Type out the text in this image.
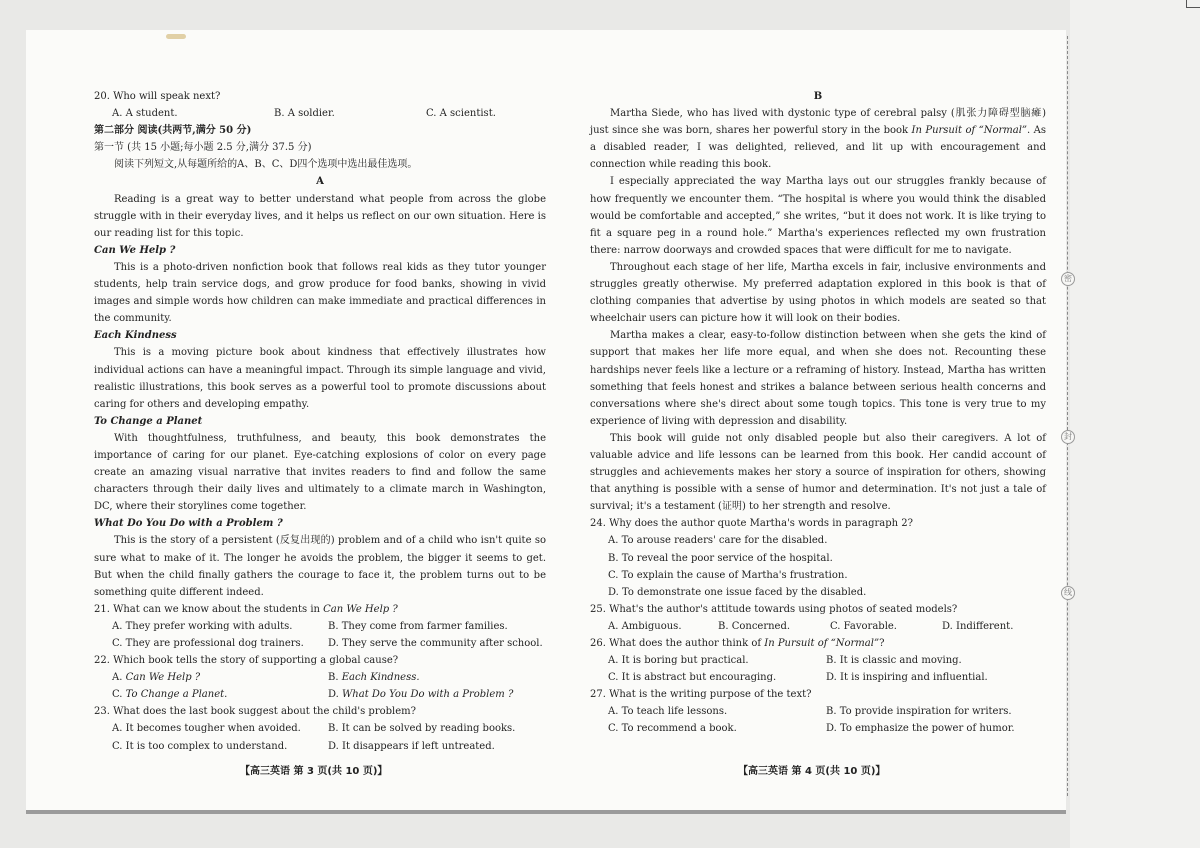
密
封
线

20. Who will speak next?

A. A student.	B. A soldier.	C. A scientist.

第二部分 阅读(共两节,满分 50 分)

第一节 (共 15 小题;每小题 2.5 分,满分 37.5 分)

阅读下列短文,从每题所给的A、B、C、D四个选项中选出最佳选项。

A

Reading is a great way to better understand what people from across the globe struggle with in their everyday lives, and it helps us reflect on our own situation. Here is our reading list for this topic.

Can We Help ?

This is a photo-driven nonfiction book that follows real kids as they tutor younger students, help train service dogs, and grow produce for food banks, showing in vivid images and simple words how children can make immediate and practical differences in the community.

Each Kindness

This is a moving picture book about kindness that effectively illustrates how individual actions can have a meaningful impact. Through its simple language and vivid, realistic illustrations, this book serves as a powerful tool to promote discussions about caring for others and developing empathy.

To Change a Planet

With thoughtfulness, truthfulness, and beauty, this book demonstrates the importance of caring for our planet. Eye-catching explosions of color on every page create an amazing visual narrative that invites readers to find and follow the same characters through their daily lives and ultimately to a climate march in Washington, DC, where their storylines come together.

What Do You Do with a Problem ?

This is the story of a persistent (反复出现的) problem and of a child who isn't quite so sure what to make of it. The longer he avoids the problem, the bigger it seems to get. But when the child finally gathers the courage to face it, the problem turns out to be something quite different indeed.

21. What can we know about the students in Can We Help ?

A. They prefer working with adults.	B. They come from farmer families.
C. They are professional dog trainers.	D. They serve the community after school.

22. Which book tells the story of supporting a global cause?

A. Can We Help ?	B. Each Kindness.
C. To Change a Planet.	D. What Do You Do with a Problem ?

23. What does the last book suggest about the child's problem?

A. It becomes tougher when avoided.	B. It can be solved by reading books.
C. It is too complex to understand.	D. It disappears if left untreated.

B

Martha Siede, who has lived with dystonic type of cerebral palsy (肌张力障碍型脑瘫) just since she was born, shares her powerful story in the book In Pursuit of “Normal”. As a disabled reader, I was delighted, relieved, and lit up with encouragement and connection while reading this book.

I especially appreciated the way Martha lays out our struggles frankly because of how frequently we encounter them. “The hospital is where you would think the disabled would be comfortable and accepted,” she writes, “but it does not work. It is like trying to fit a square peg in a round hole.” Martha's experiences reflected my own frustration there: narrow doorways and crowded spaces that were difficult for me to navigate.

Throughout each stage of her life, Martha excels in fair, inclusive environments and struggles greatly otherwise. My preferred adaptation explored in this book is that of clothing companies that advertise by using photos in which models are seated so that wheelchair users can picture how it will look on their bodies.

Martha makes a clear, easy-to-follow distinction between when she gets the kind of support that makes her life more equal, and when she does not. Recounting these hardships never feels like a lecture or a reframing of history. Instead, Martha has written something that feels honest and strikes a balance between serious health concerns and conversations where she's direct about some tough topics. This tone is very true to my experience of living with depression and disability.

This book will guide not only disabled people but also their caregivers. A lot of valuable advice and life lessons can be learned from this book. Her candid account of struggles and achievements makes her story a source of inspiration for others, showing that anything is possible with a sense of humor and determination. It's not just a tale of survival; it's a testament (证明) to her strength and resolve.

24. Why does the author quote Martha's words in paragraph 2?

A. To arouse readers' care for the disabled.

B. To reveal the poor service of the hospital.

C. To explain the cause of Martha's frustration.

D. To demonstrate one issue faced by the disabled.

25. What's the author's attitude towards using photos of seated models?

A. Ambiguous.	B. Concerned.	C. Favorable.	D. Indifferent.

26. What does the author think of In Pursuit of “Normal”?

A. It is boring but practical.	B. It is classic and moving.
C. It is abstract but encouraging.	D. It is inspiring and influential.

27. What is the writing purpose of the text?

A. To teach life lessons.	B. To provide inspiration for writers.
C. To recommend a book.	D. To emphasize the power of humor.
【高三英语 第 3 页(共 10 页)】	【高三英语 第 4 页(共 10 页)】
